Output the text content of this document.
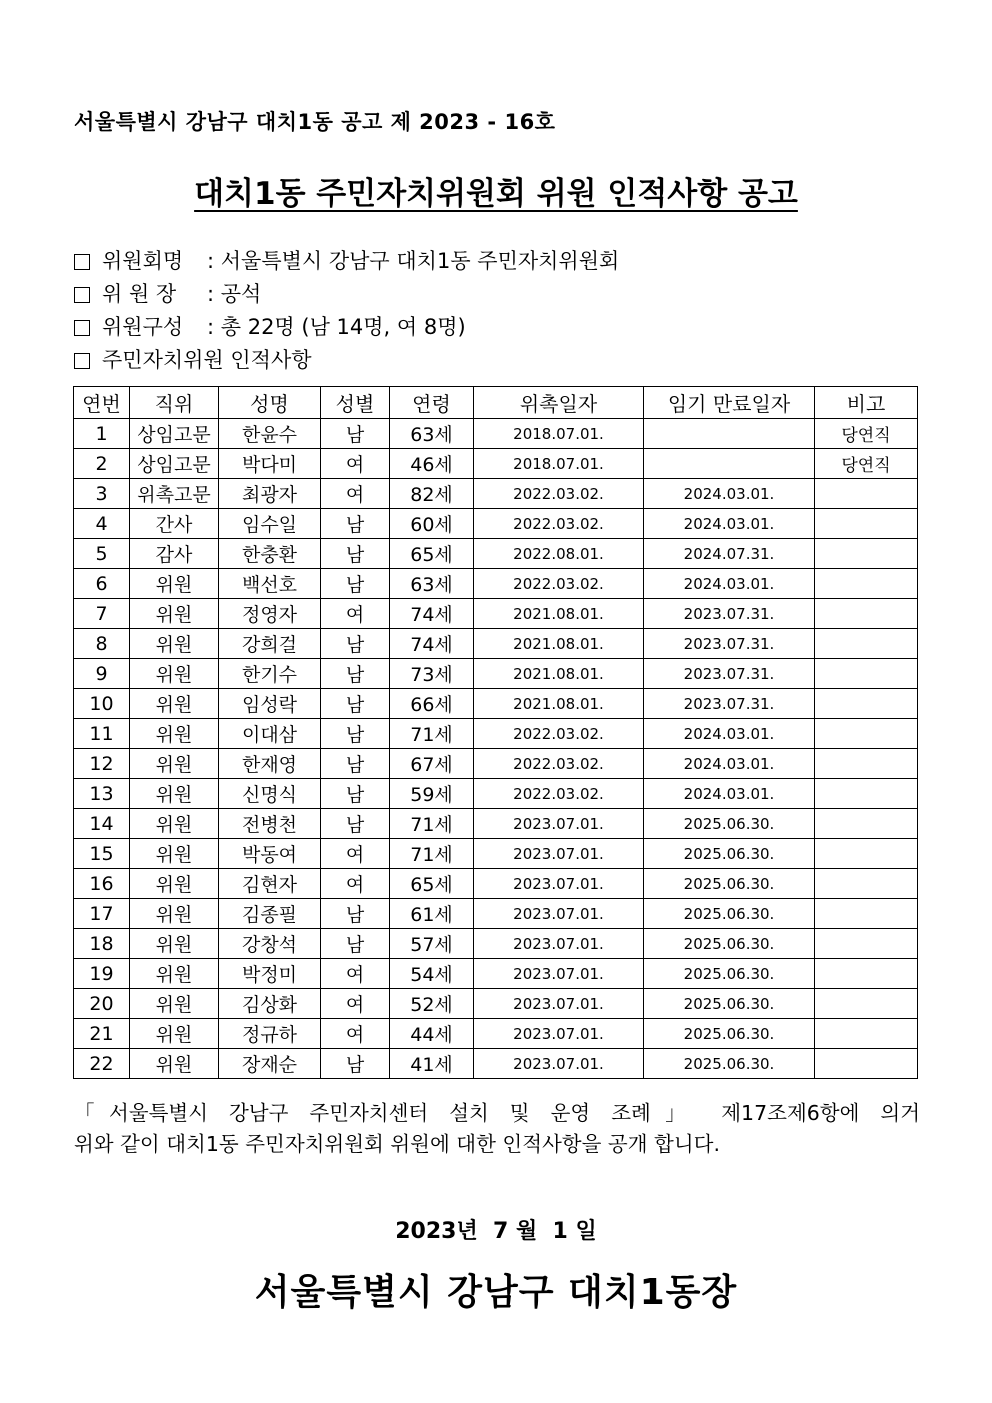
서울특별시 강남구 대치1동 공고 제 2023 - 16호
대치1동 주민자치위원회 위원 인적사항 공고
위원회명	: 서울특별시 강남구 대치1동 주민자치위원회
위 원 장	: 공석
위원구성	: 총 22명 (남 14명, 여 8명)
주민자치위원 인적사항
연번	직위	성명	성별	연령	위촉일자	임기 만료일자	비고
1	상임고문	한윤수	남	63세	2018.07.01.		당연직
2	상임고문	박다미	여	46세	2018.07.01.		당연직
3	위촉고문	최광자	여	82세	2022.03.02.	2024.03.01.	
4	간사	임수일	남	60세	2022.03.02.	2024.03.01.	
5	감사	한충환	남	65세	2022.08.01.	2024.07.31.	
6	위원	백선호	남	63세	2022.03.02.	2024.03.01.	
7	위원	정영자	여	74세	2021.08.01.	2023.07.31.	
8	위원	강희걸	남	74세	2021.08.01.	2023.07.31.	
9	위원	한기수	남	73세	2021.08.01.	2023.07.31.	
10	위원	임성락	남	66세	2021.08.01.	2023.07.31.	
11	위원	이대삼	남	71세	2022.03.02.	2024.03.01.	
12	위원	한재영	남	67세	2022.03.02.	2024.03.01.	
13	위원	신명식	남	59세	2022.03.02.	2024.03.01.	
14	위원	전병천	남	71세	2023.07.01.	2025.06.30.	
15	위원	박동여	여	71세	2023.07.01.	2025.06.30.	
16	위원	김현자	여	65세	2023.07.01.	2025.06.30.	
17	위원	김종필	남	61세	2023.07.01.	2025.06.30.	
18	위원	강창석	남	57세	2023.07.01.	2025.06.30.	
19	위원	박정미	여	54세	2023.07.01.	2025.06.30.	
20	위원	김상화	여	52세	2023.07.01.	2025.06.30.	
21	위원	정규하	여	44세	2023.07.01.	2025.06.30.	
22	위원	장재순	남	41세	2023.07.01.	2025.06.30.	
「서울특별시 강남구 주민자치센터 설치 및 운영 조례」 제17조제6항에 의거
위와 같이 대치1동 주민자치위원회 위원에 대한 인적사항을 공개 합니다.
2023년  7 월  1 일
서울특별시 강남구 대치1동장
